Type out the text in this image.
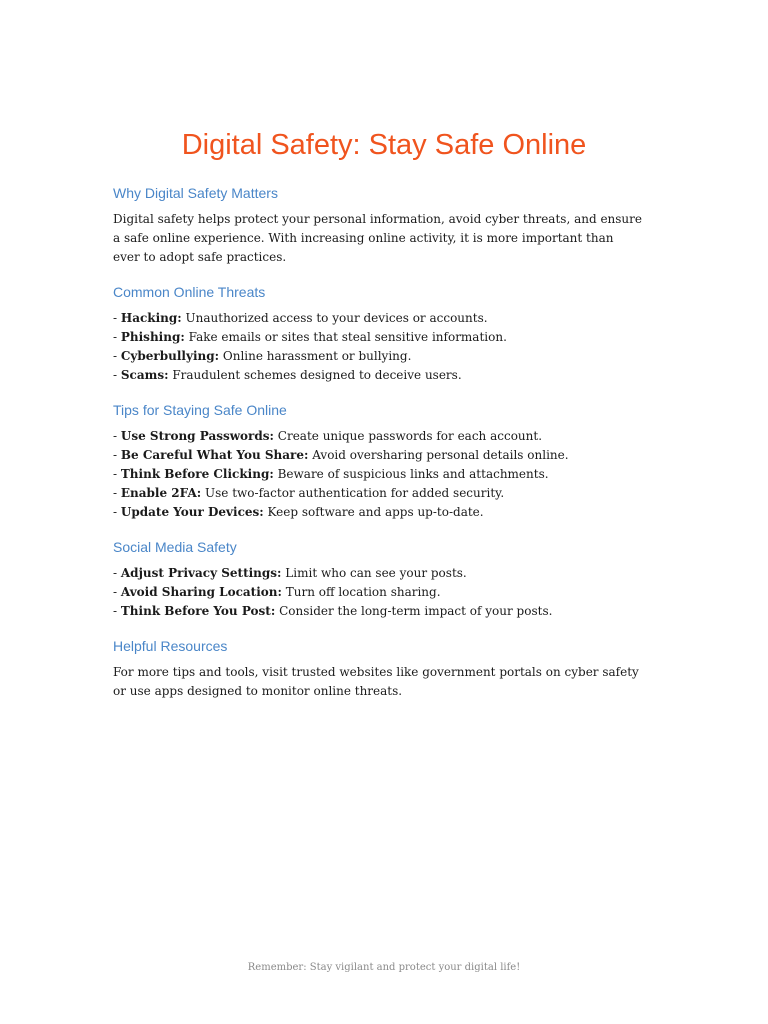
Digital Safety: Stay Safe Online
Why Digital Safety Matters

Digital safety helps protect your personal information, avoid cyber threats, and ensure a safe online experience. With increasing online activity, it is more important than ever to adopt safe practices.

Common Online Threats
- Hacking: Unauthorized access to your devices or accounts.
- Phishing: Fake emails or sites that steal sensitive information.
- Cyberbullying: Online harassment or bullying.
- Scams: Fraudulent schemes designed to deceive users.
Tips for Staying Safe Online
- Use Strong Passwords: Create unique passwords for each account.
- Be Careful What You Share: Avoid oversharing personal details online.
- Think Before Clicking: Beware of suspicious links and attachments.
- Enable 2FA: Use two-factor authentication for added security.
- Update Your Devices: Keep software and apps up-to-date.
Social Media Safety
- Adjust Privacy Settings: Limit who can see your posts.
- Avoid Sharing Location: Turn off location sharing.
- Think Before You Post: Consider the long-term impact of your posts.
Helpful Resources

For more tips and tools, visit trusted websites like government portals on cyber safety or use apps designed to monitor online threats.

Remember: Stay vigilant and protect your digital life!
